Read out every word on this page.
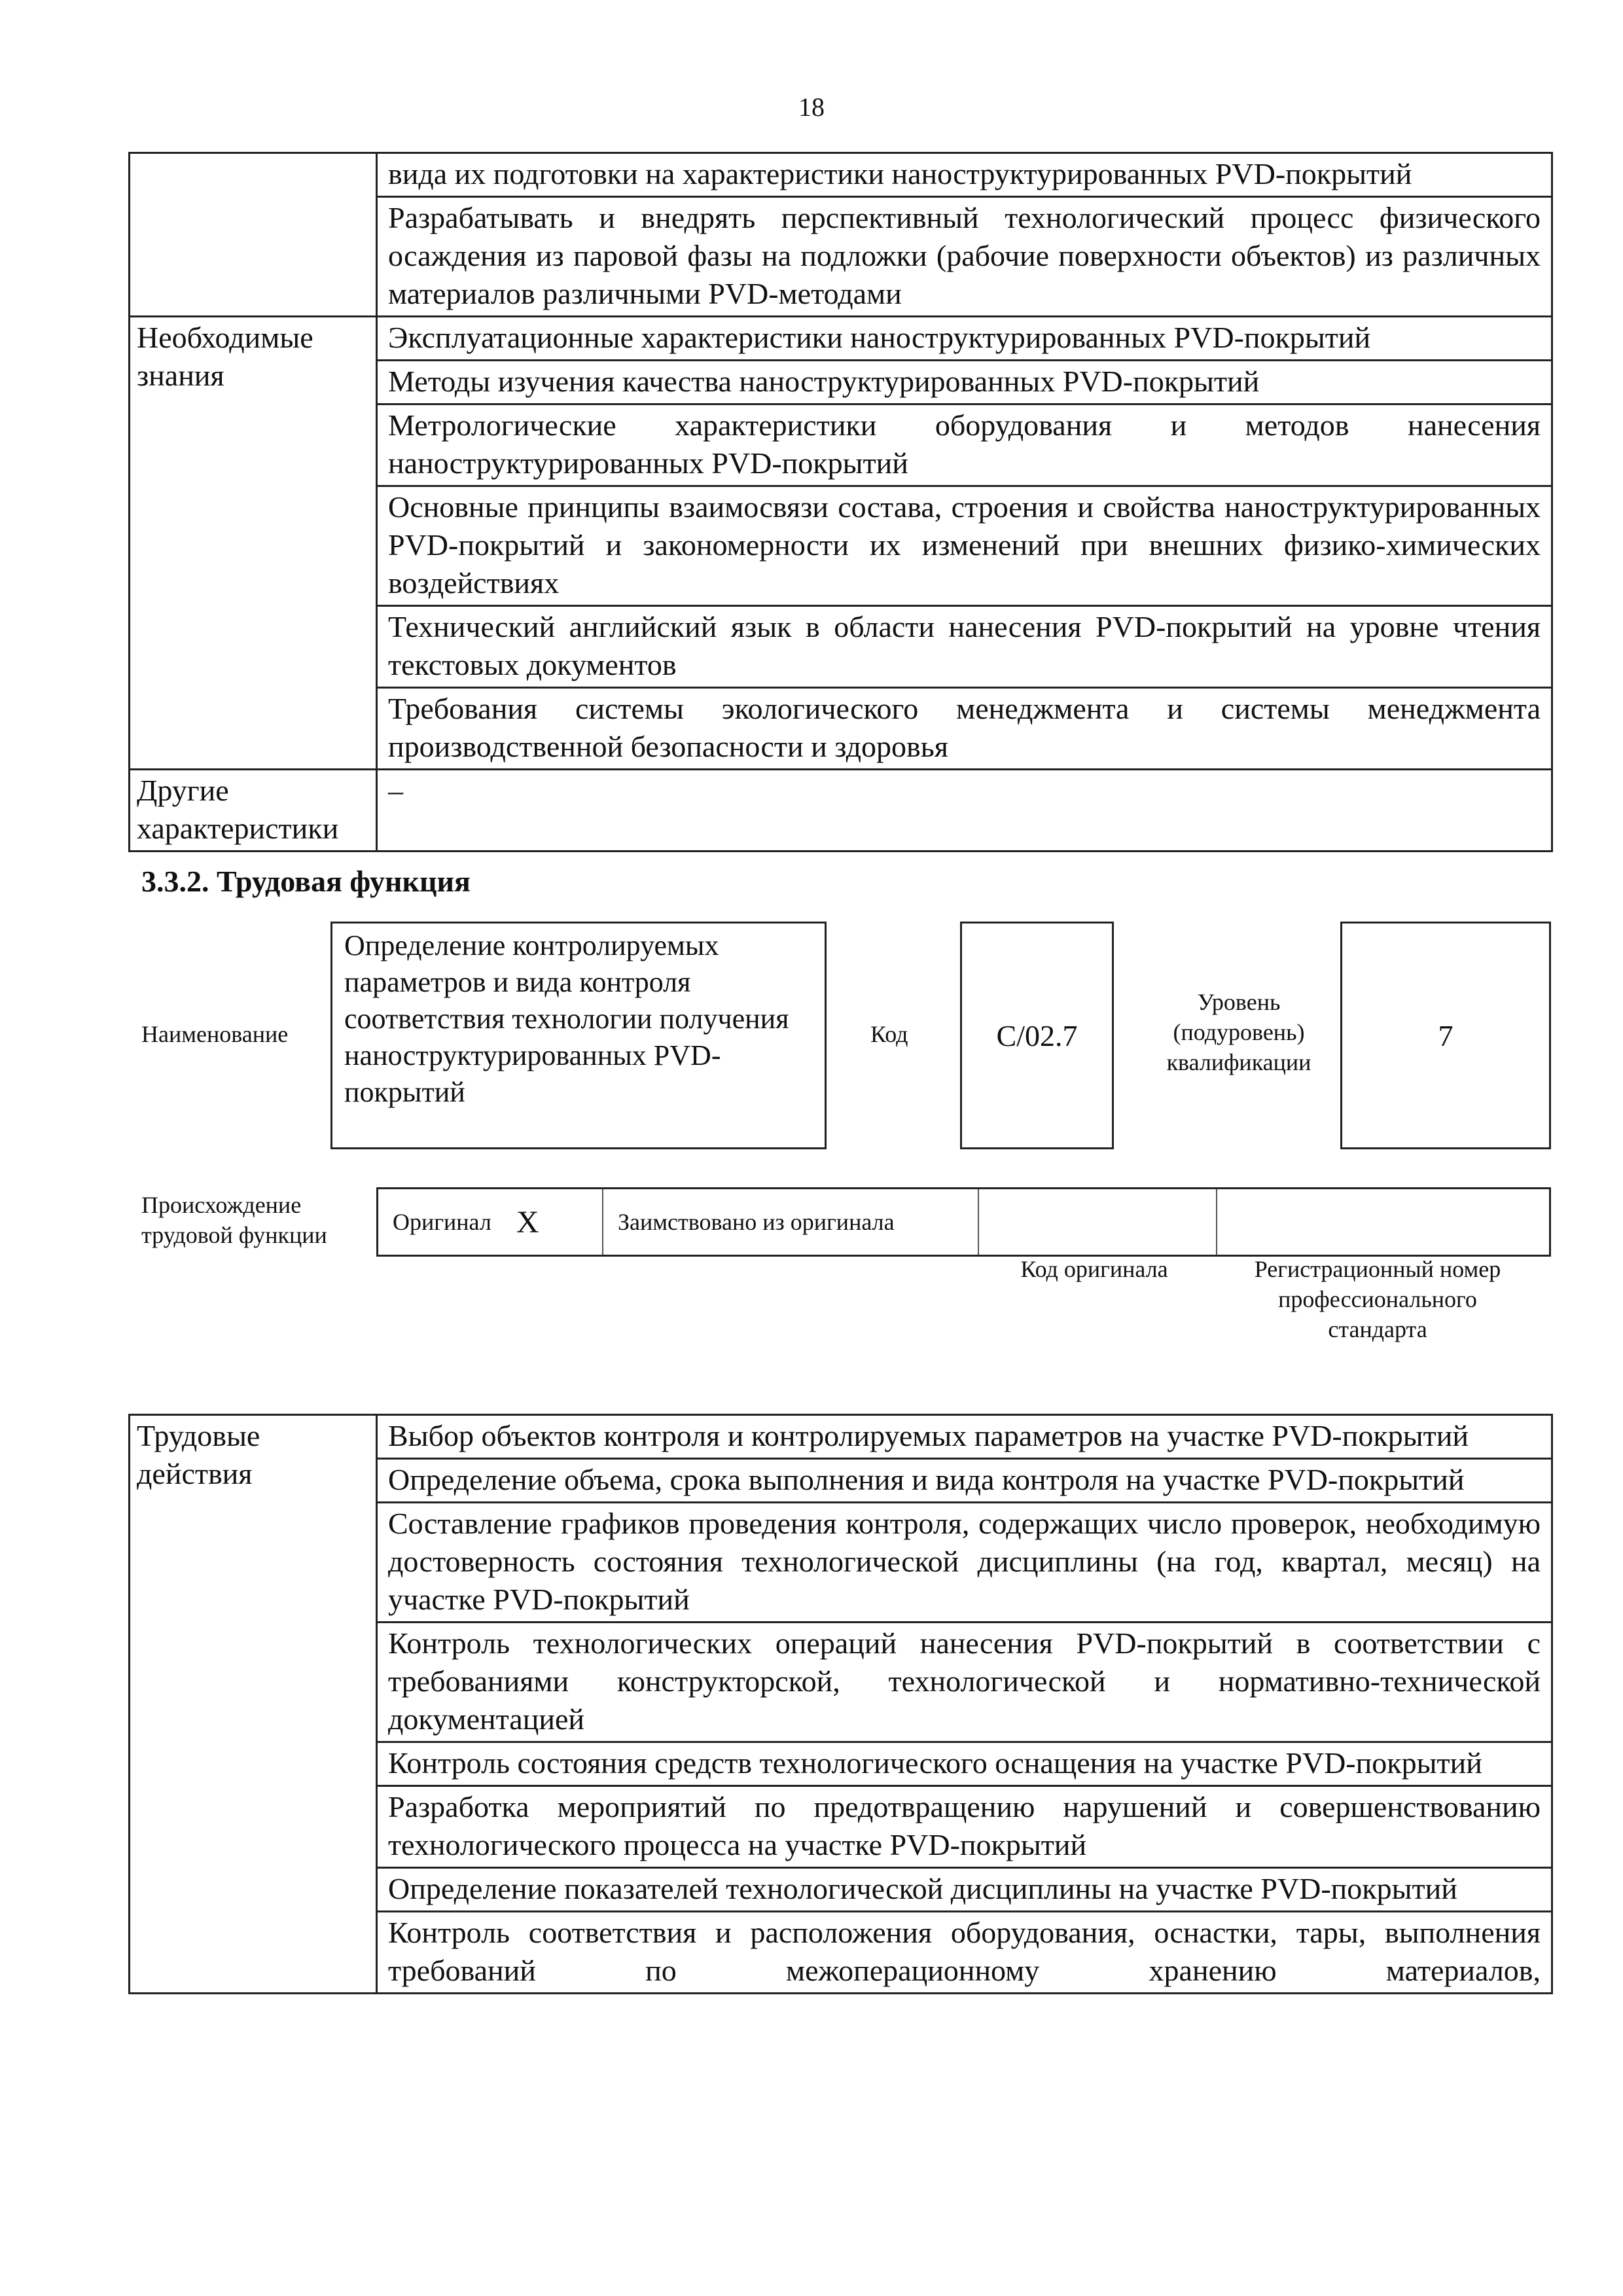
18
	вида их подготовки на характеристики наноструктурированных PVD-покрытий
	Разрабатывать и внедрять перспективный технологический процесс физического осаждения из паровой фазы на подложки (рабочие поверхности объектов) из различных материалов различными PVD-методами
Необходимые знания	Эксплуатационные характеристики наноструктурированных PVD-покрытий
	Методы изучения качества наноструктурированных PVD-покрытий
	Метрологические характеристики оборудования и методов нанесения наноструктурированных PVD-покрытий
	Основные принципы взаимосвязи состава, строения и свойства наноструктурированных PVD-покрытий и закономерности их изменений при внешних физико-химических воздействиях
	Технический английский язык в области нанесения PVD-покрытий на уровне чтения текстовых документов
	Требования системы экологического менеджмента и системы менеджмента производственной безопасности и здоровья
Другие характеристики	–
3.3.2. Трудовая функция
Наименование
Определение контролируемых параметров и вида контроля соответствия технологии получения наноструктурированных PVD-покрытий
Код	C/02.7
Уровень (подуровень) квалификации
7
Происхождение трудовой функции	Оригинал X	Заимствовано из оригинала
Код оригинала	Регистрационный номер профессионального стандарта
Трудовые действия	Выбор объектов контроля и контролируемых параметров на участке PVD-покрытий
Определение объема, срока выполнения и вида контроля на участке PVD-покрытий
Составление графиков проведения контроля, содержащих число проверок, необходимую достоверность состояния технологической дисциплины (на год, квартал, месяц) на участке PVD-покрытий
Контроль технологических операций нанесения PVD-покрытий в соответствии с требованиями конструкторской, технологической и нормативно-технической документацией
Контроль состояния средств технологического оснащения на участке PVD-покрытий
Разработка мероприятий по предотвращению нарушений и совершенствованию технологического процесса на участке PVD-покрытий
Определение показателей технологической дисциплины на участке PVD-покрытий
Контроль соответствия и расположения оборудования, оснастки, тары, выполнения требований по межоперационному хранению материалов,
